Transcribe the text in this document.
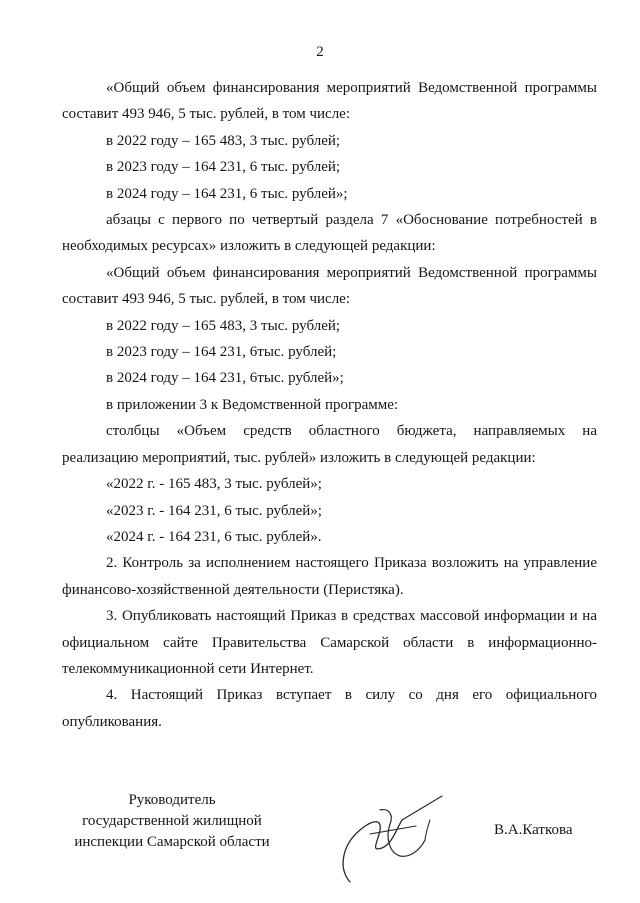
2

«Общий объем финансирования мероприятий Ведомственной программы составит 493 946, 5 тыс. рублей, в том числе:

в 2022 году – 165 483, 3 тыс. рублей;

в 2023 году – 164 231, 6 тыс. рублей;

в 2024 году – 164 231, 6 тыс. рублей»;

абзацы с первого по четвертый раздела 7 «Обоснование потребностей в необходимых ресурсах» изложить в следующей редакции:

«Общий объем финансирования мероприятий Ведомственной программы составит 493 946, 5 тыс. рублей, в том числе:

в 2022 году – 165 483, 3 тыс. рублей;

в 2023 году – 164 231, 6тыс. рублей;

в 2024 году – 164 231, 6тыс. рублей»;

в приложении 3 к Ведомственной программе:

столбцы «Объем средств областного бюджета, направляемых на реализацию мероприятий, тыс. рублей» изложить в следующей редакции:

«2022 г. - 165 483, 3 тыс. рублей»;

«2023 г. - 164 231, 6 тыс. рублей»;

«2024 г. - 164 231, 6 тыс. рублей».

2. Контроль за исполнением настоящего Приказа возложить на управление финансово-хозяйственной деятельности (Перистяка).

3. Опубликовать настоящий Приказ в средствах массовой информации и на официальном сайте Правительства Самарской области в информационно-телекоммуникационной сети Интернет.

4. Настоящий Приказ вступает в силу со дня его официального опубликования.

Руководитель
государственной жилищной
инспекции Самарской области
В.А.Каткова
